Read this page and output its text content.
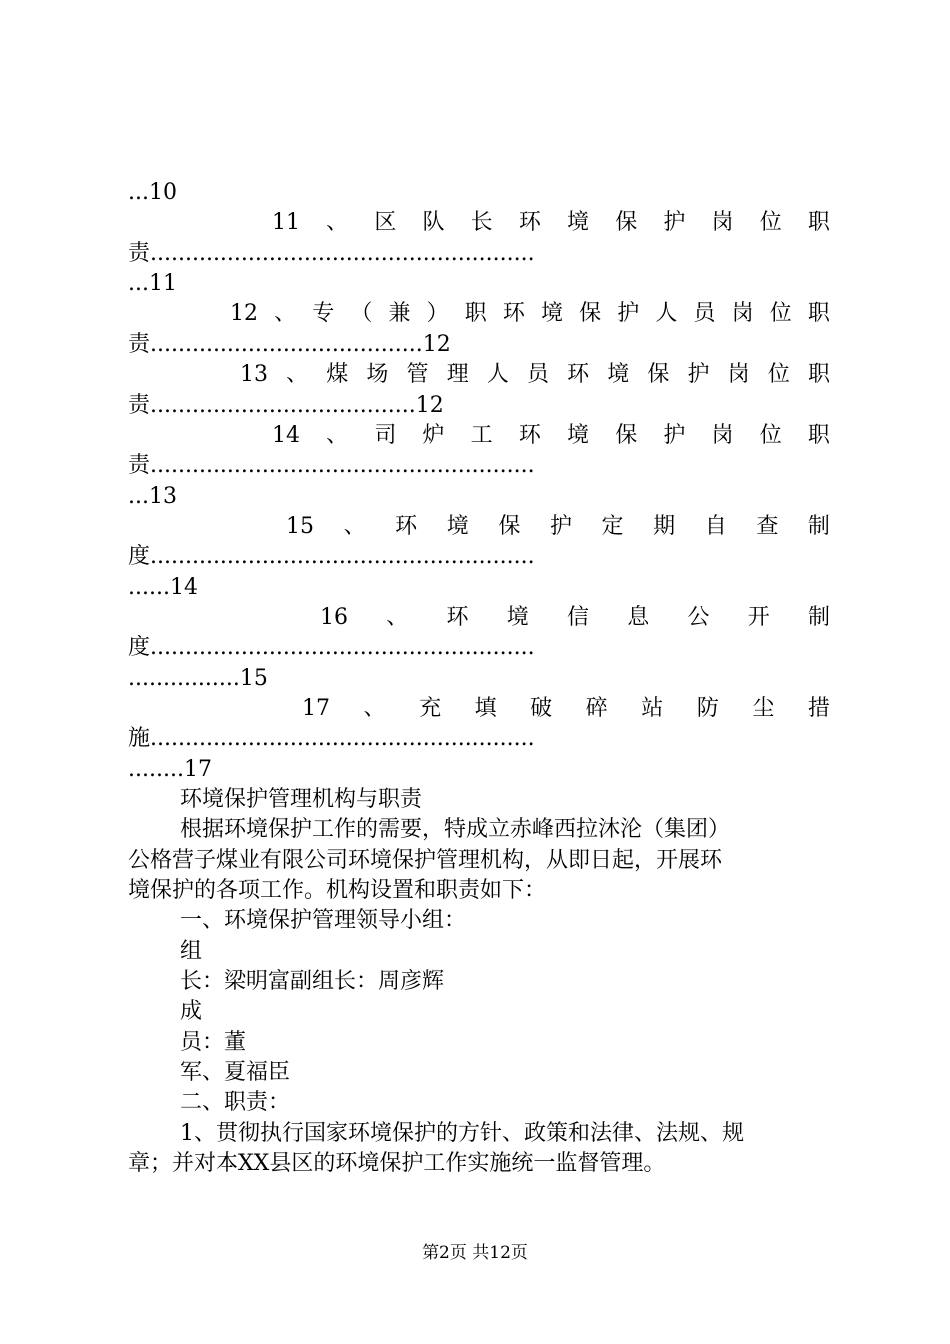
...10
11 、 区 队 长 环 境 保 护 岗 位 职
责.......................................................
...11
12 、 专 （ 兼 ） 职 环 境 保 护 人 员 岗 位 职
责.......................................12
13 、 煤 场 管 理 人 员 环 境 保 护 岗 位 职
责......................................12
14 、 司 炉 工 环 境 保 护 岗 位 职
责.......................................................
...13
15 、 环 境 保 护 定 期 自 查 制
度.......................................................
......14
16 、 环 境 信 息 公 开 制
度.......................................................
................15
17 、 充 填 破 碎 站 防 尘 措
施.......................................................
........17
环境保护管理机构与职责
根据环境保护工作的需要，特成立赤峰西拉沐沦（集团）
公格营子煤业有限公司环境保护管理机构，从即日起，开展环
境保护的各项工作。机构设置和职责如下：
一、环境保护管理领导小组：
组
长：梁明富副组长：周彦辉
成
员：董
军、夏福臣
二、职责：
1、贯彻执行国家环境保护的方针、政策和法律、法规、规
章；并对本XX县区的环境保护工作实施统一监督管理。
第2页 共12页
